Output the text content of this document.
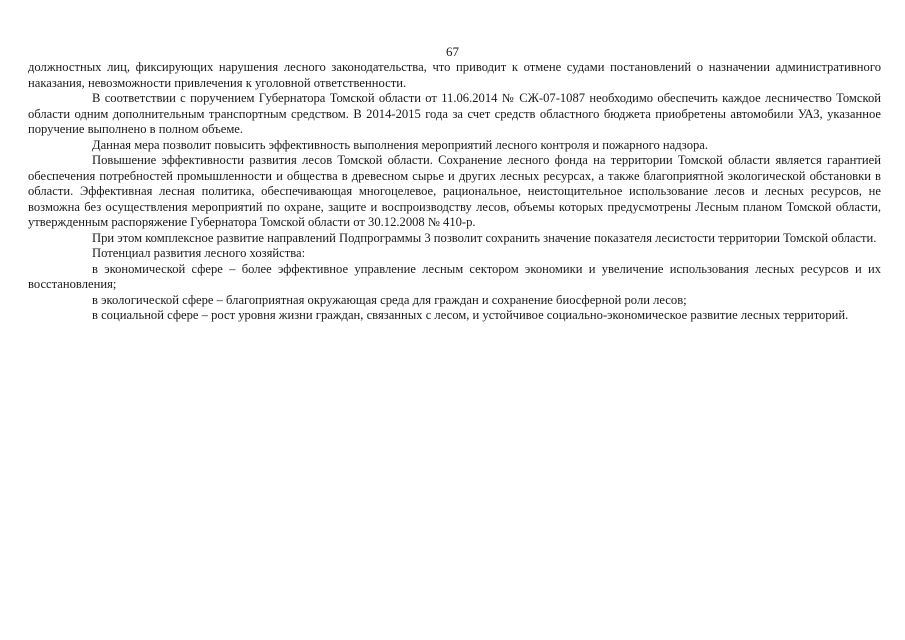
67

должностных лиц, фиксирующих нарушения лесного законодательства, что приводит к отмене судами постановлений о назначении административного наказания, невозможности привлечения к уголовной ответственности.

В соответствии с поручением Губернатора Томской области от 11.06.2014 № СЖ-07-1087 необходимо обеспечить каждое лесничество Томской области одним дополнительным транспортным средством. В 2014-2015 года за счет средств областного бюджета приобретены автомобили УАЗ, указанное поручение выполнено в полном объеме.

Данная мера позволит повысить эффективность выполнения мероприятий лесного контроля и пожарного надзора.

Повышение эффективности развития лесов Томской области. Сохранение лесного фонда на территории Томской области является гарантией обеспечения потребностей промышленности и общества в древесном сырье и других лесных ресурсах, а также благоприятной экологической обстановки в области. Эффективная лесная политика, обеспечивающая многоцелевое, рациональное, неистощительное использование лесов и лесных ресурсов, не возможна без осуществления мероприятий по охране, защите и воспроизводству лесов, объемы которых предусмотрены Лесным планом Томской области, утвержденным распоряжение Губернатора Томской области от 30.12.2008 № 410-р.

При этом комплексное развитие направлений Подпрограммы 3 позволит сохранить значение показателя лесистости территории Томской области.

Потенциал развития лесного хозяйства:

в экономической сфере – более эффективное управление лесным сектором экономики и увеличение использования лесных ресурсов и их восстановления;

в экологической сфере – благоприятная окружающая среда для граждан и сохранение биосферной роли лесов;

в социальной сфере – рост уровня жизни граждан, связанных с лесом, и устойчивое социально-экономическое развитие лесных территорий.
